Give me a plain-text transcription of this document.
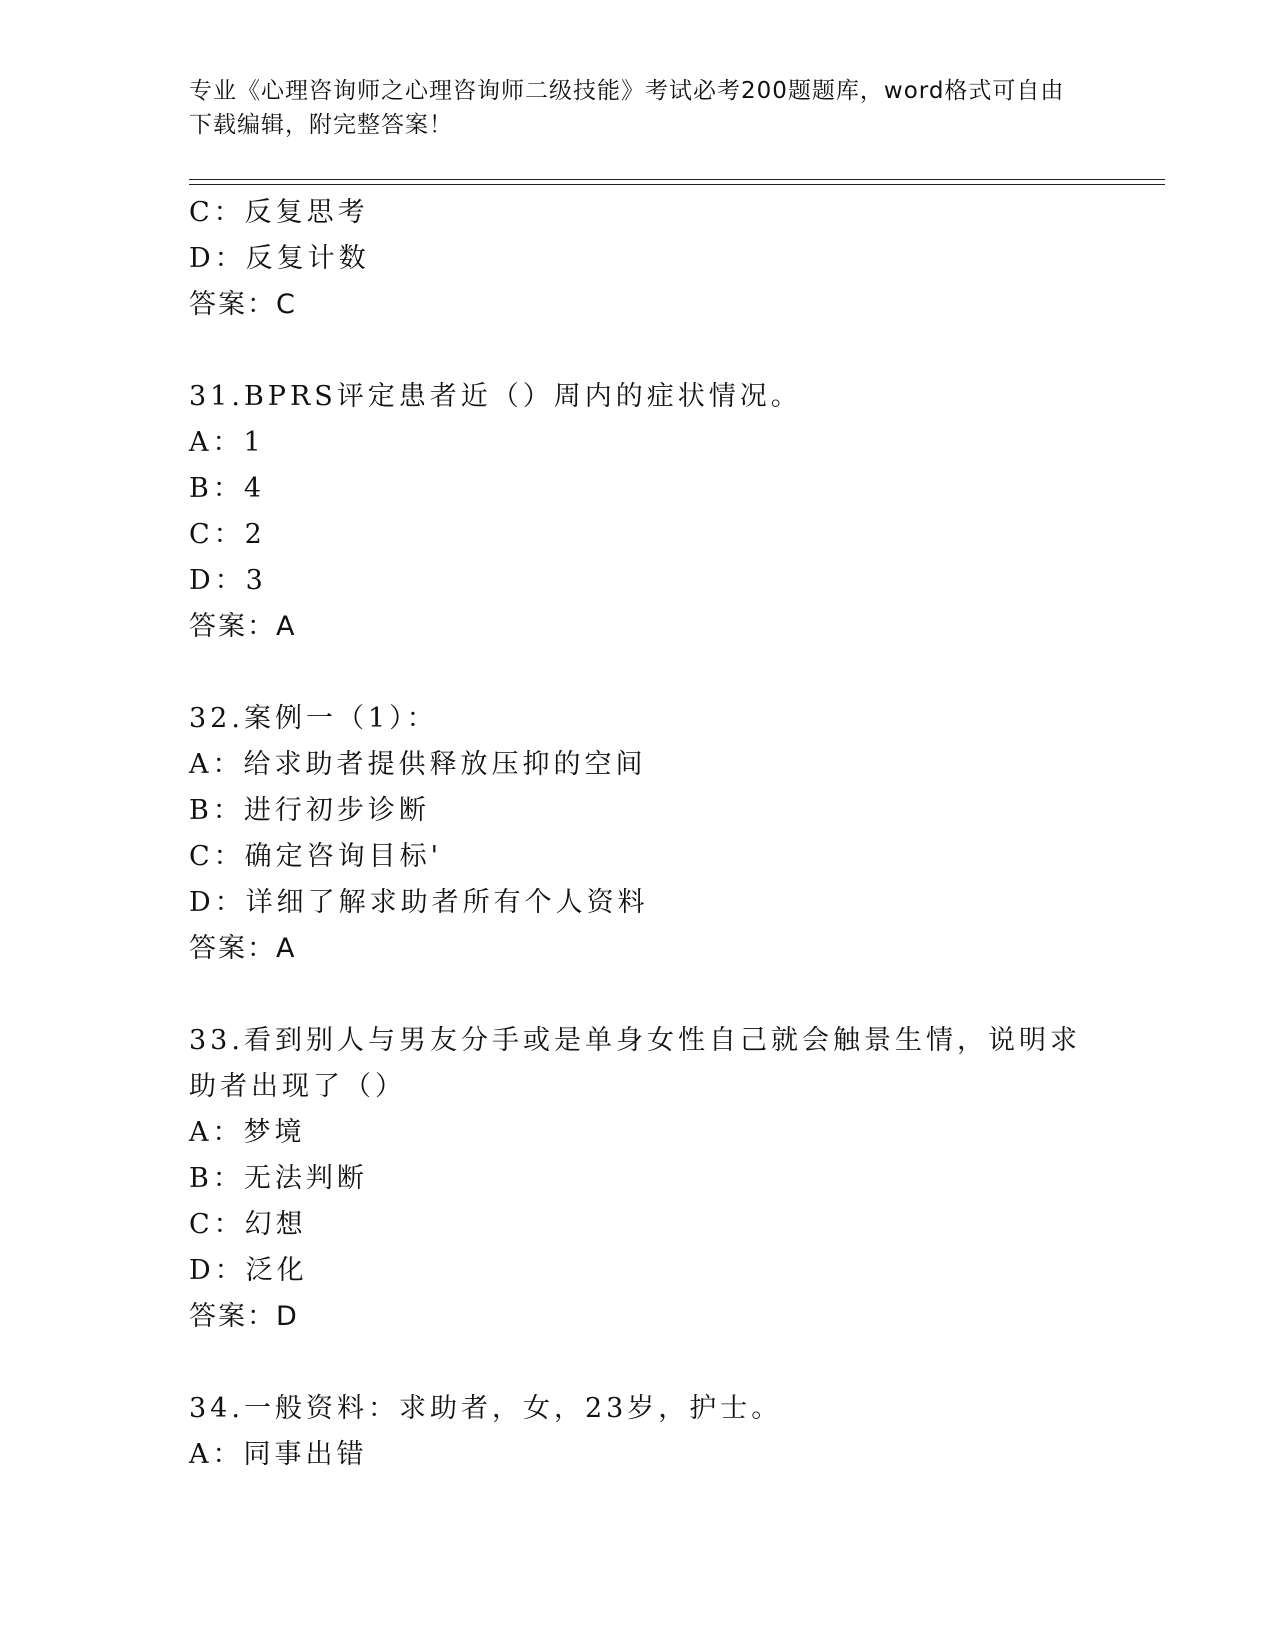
专业《心理咨询师之心理咨询师二级技能》考试必考200题题库，word格式可自由下载编辑，附完整答案！
C：反复思考
D：反复计数
答案：C
31.BPRS评定患者近（）周内的症状情况。
A：1
B：4
C：2
D：3
答案：A
32.案例一（1）：
A：给求助者提供释放压抑的空间
B：进行初步诊断
C：确定咨询目标'
D：详细了解求助者所有个人资料
答案：A
33.看到别人与男友分手或是单身女性自己就会触景生情，说明求助者出现了（）
A：梦境
B：无法判断
C：幻想
D：泛化
答案：D
34.一般资料：求助者，女，23岁，护士。
A：同事出错
